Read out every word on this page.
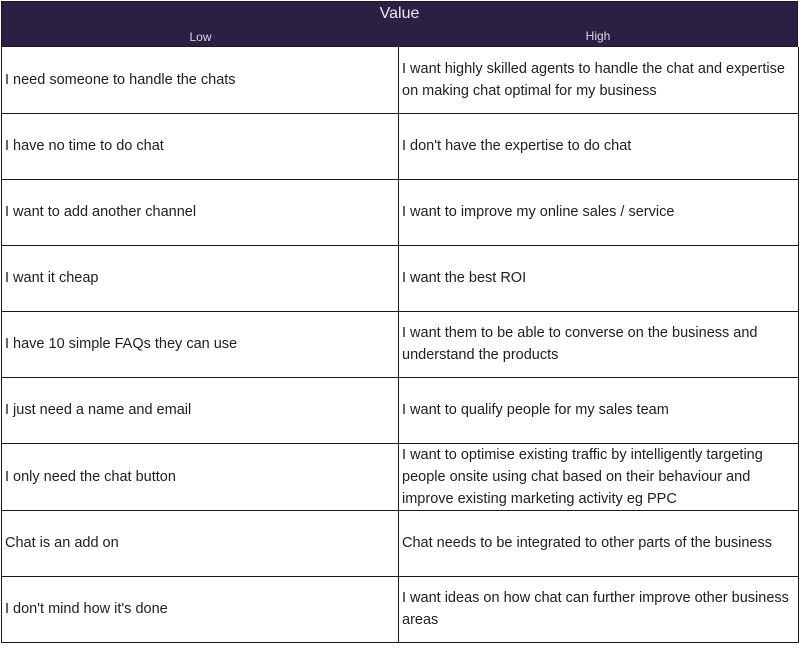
Value
Low	High
I need someone to handle the chats	I want highly skilled agents to handle the chat and expertise on making chat optimal for my business
I have no time to do chat	I don't have the expertise to do chat
I want to add another channel	I want to improve my online sales / service
I want it cheap	I want the best ROI
I have 10 simple FAQs they can use	I want them to be able to converse on the business and understand the products
I just need a name and email	I want to qualify people for my sales team
I only need the chat button	I want to optimise existing traffic by intelligently targeting people onsite using chat based on their behaviour and improve existing marketing activity eg PPC
Chat is an add on	Chat needs to be integrated to other parts of the business
I don't mind how it's done	I want ideas on how chat can further improve other business areas
